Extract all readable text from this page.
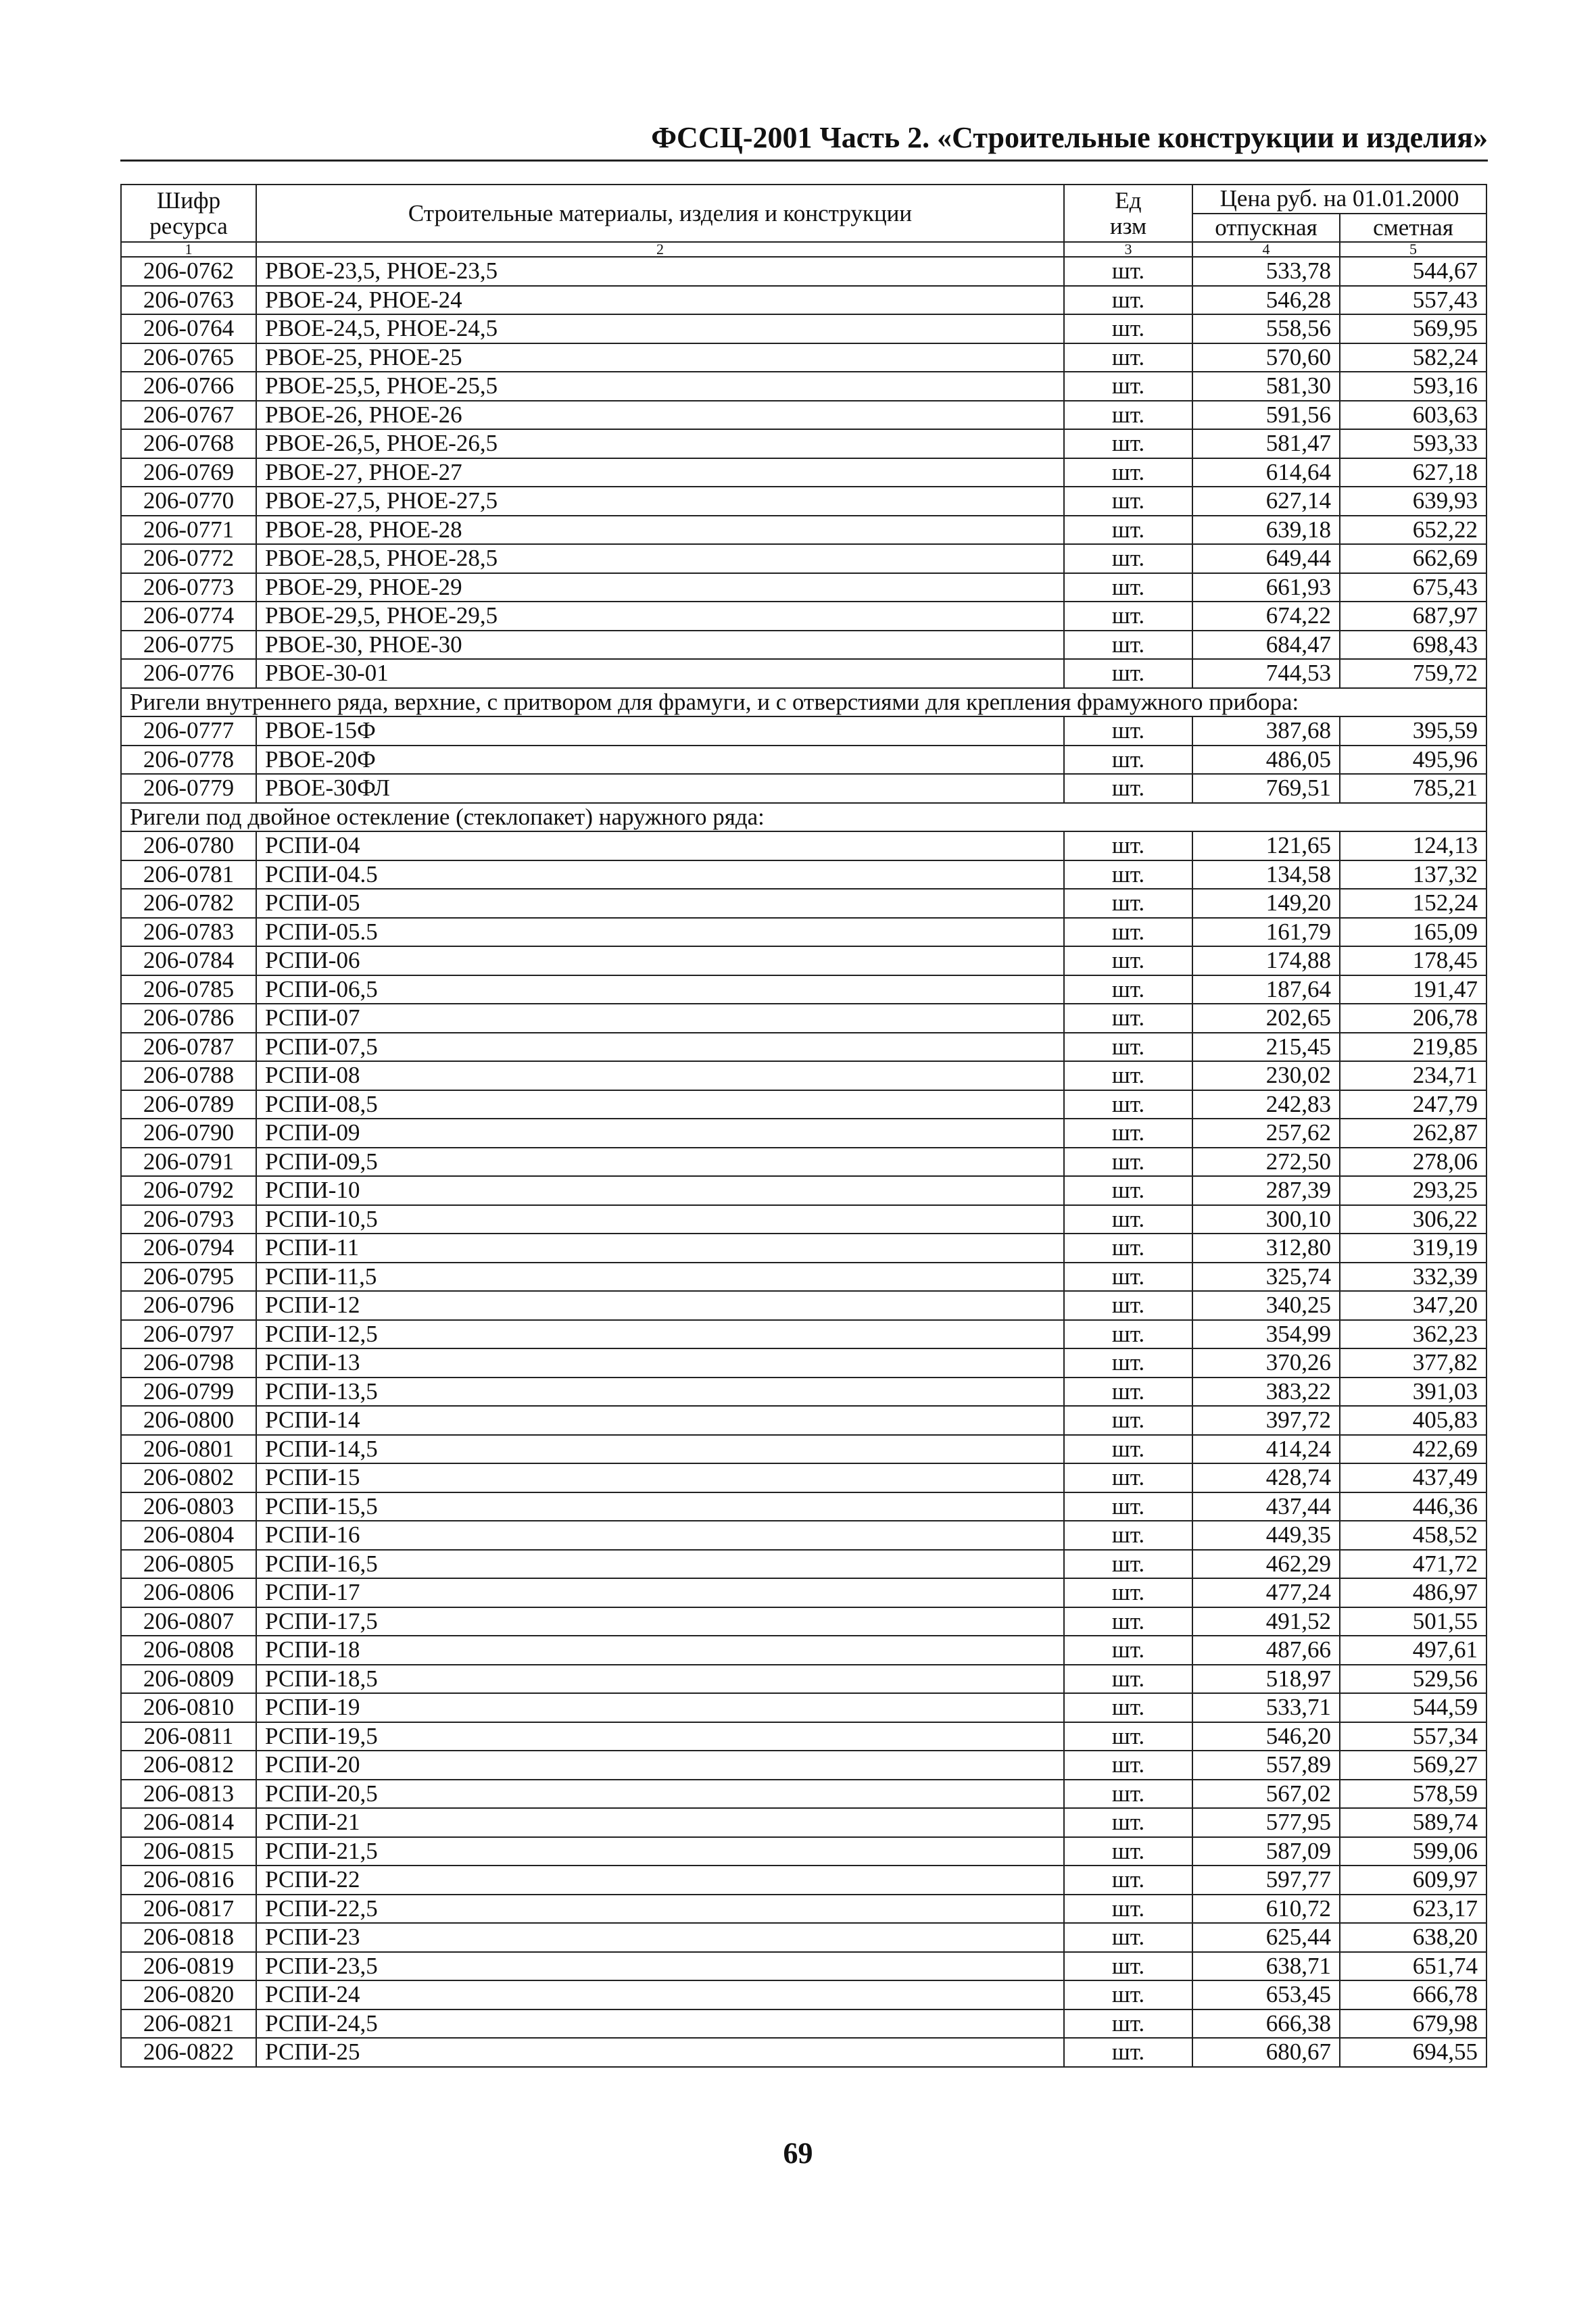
ФССЦ-2001 Часть 2. «Строительные конструкции и изделия»
Шифр
ресурса	Строительные материалы, изделия и конструкции	Ед
изм	Цена руб. на 01.01.2000	
			отпускная	сметная
1	2	3	4	5
206-0762	РВОЕ-23,5, РНОЕ-23,5	шт.	533,78	544,67
206-0763	РВОЕ-24, РНОЕ-24	шт.	546,28	557,43
206-0764	РВОЕ-24,5, РНОЕ-24,5	шт.	558,56	569,95
206-0765	РВОЕ-25, РНОЕ-25	шт.	570,60	582,24
206-0766	РВОЕ-25,5, РНОЕ-25,5	шт.	581,30	593,16
206-0767	РВОЕ-26, РНОЕ-26	шт.	591,56	603,63
206-0768	РВОЕ-26,5, РНОЕ-26,5	шт.	581,47	593,33
206-0769	РВОЕ-27, РНОЕ-27	шт.	614,64	627,18
206-0770	РВОЕ-27,5, РНОЕ-27,5	шт.	627,14	639,93
206-0771	РВОЕ-28, РНОЕ-28	шт.	639,18	652,22
206-0772	РВОЕ-28,5, РНОЕ-28,5	шт.	649,44	662,69
206-0773	РВОЕ-29, РНОЕ-29	шт.	661,93	675,43
206-0774	РВОЕ-29,5, РНОЕ-29,5	шт.	674,22	687,97
206-0775	РВОЕ-30, РНОЕ-30	шт.	684,47	698,43
206-0776	РВОЕ-30-01	шт.	744,53	759,72
Ригели внутреннего ряда, верхние, с притвором для фрамуги, и с отверстиями для крепления фрамужного прибора:				
206-0777	РВОЕ-15Ф	шт.	387,68	395,59
206-0778	РВОЕ-20Ф	шт.	486,05	495,96
206-0779	РВОЕ-30ФЛ	шт.	769,51	785,21
Ригели под двойное остекление (стеклопакет) наружного ряда:				
206-0780	РСПИ-04	шт.	121,65	124,13
206-0781	РСПИ-04.5	шт.	134,58	137,32
206-0782	РСПИ-05	шт.	149,20	152,24
206-0783	РСПИ-05.5	шт.	161,79	165,09
206-0784	РСПИ-06	шт.	174,88	178,45
206-0785	РСПИ-06,5	шт.	187,64	191,47
206-0786	РСПИ-07	шт.	202,65	206,78
206-0787	РСПИ-07,5	шт.	215,45	219,85
206-0788	РСПИ-08	шт.	230,02	234,71
206-0789	РСПИ-08,5	шт.	242,83	247,79
206-0790	РСПИ-09	шт.	257,62	262,87
206-0791	РСПИ-09,5	шт.	272,50	278,06
206-0792	РСПИ-10	шт.	287,39	293,25
206-0793	РСПИ-10,5	шт.	300,10	306,22
206-0794	РСПИ-11	шт.	312,80	319,19
206-0795	РСПИ-11,5	шт.	325,74	332,39
206-0796	РСПИ-12	шт.	340,25	347,20
206-0797	РСПИ-12,5	шт.	354,99	362,23
206-0798	РСПИ-13	шт.	370,26	377,82
206-0799	РСПИ-13,5	шт.	383,22	391,03
206-0800	РСПИ-14	шт.	397,72	405,83
206-0801	РСПИ-14,5	шт.	414,24	422,69
206-0802	РСПИ-15	шт.	428,74	437,49
206-0803	РСПИ-15,5	шт.	437,44	446,36
206-0804	РСПИ-16	шт.	449,35	458,52
206-0805	РСПИ-16,5	шт.	462,29	471,72
206-0806	РСПИ-17	шт.	477,24	486,97
206-0807	РСПИ-17,5	шт.	491,52	501,55
206-0808	РСПИ-18	шт.	487,66	497,61
206-0809	РСПИ-18,5	шт.	518,97	529,56
206-0810	РСПИ-19	шт.	533,71	544,59
206-0811	РСПИ-19,5	шт.	546,20	557,34
206-0812	РСПИ-20	шт.	557,89	569,27
206-0813	РСПИ-20,5	шт.	567,02	578,59
206-0814	РСПИ-21	шт.	577,95	589,74
206-0815	РСПИ-21,5	шт.	587,09	599,06
206-0816	РСПИ-22	шт.	597,77	609,97
206-0817	РСПИ-22,5	шт.	610,72	623,17
206-0818	РСПИ-23	шт.	625,44	638,20
206-0819	РСПИ-23,5	шт.	638,71	651,74
206-0820	РСПИ-24	шт.	653,45	666,78
206-0821	РСПИ-24,5	шт.	666,38	679,98
206-0822	РСПИ-25	шт.	680,67	694,55
69
